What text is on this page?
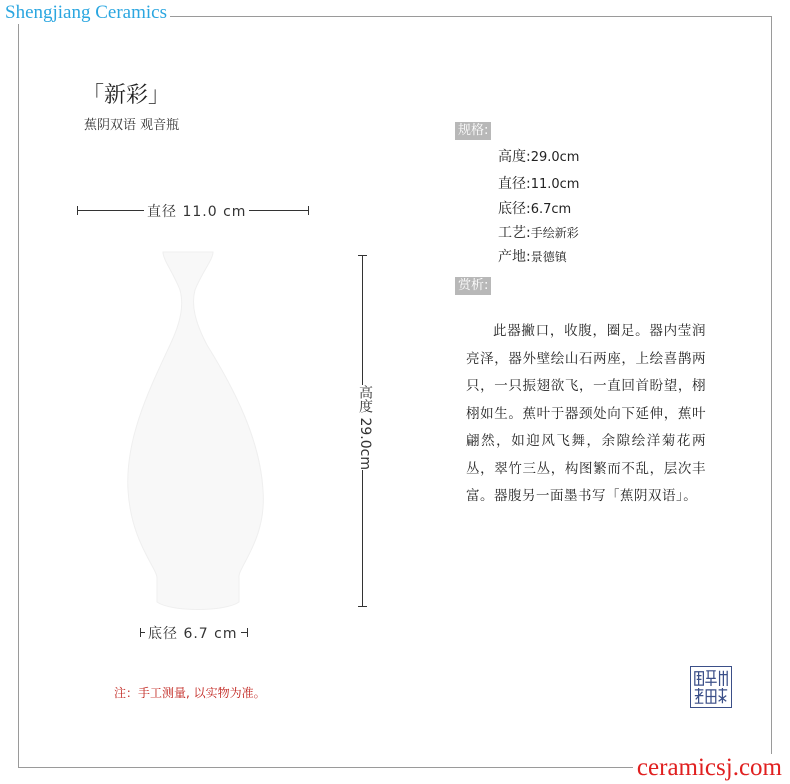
Shengjiang Ceramics
ceramicsj.com
「新彩」
蕉阴双语 观音瓶
直径 11.0 cm
高度 29.0cm
底径 6.7 cm
规格:
高度:29.0cm
直径:11.0cm
底径:6.7cm
工艺:手绘新彩
产地:景德镇
赏析:
此器撇口，收腹，圈足。器内莹润亮泽，器外壁绘山石两座，上绘喜鹊两只，一只振翅欲飞，一直回首盼望，栩栩如生。蕉叶于器颈处向下延伸，蕉叶翩然，如迎风飞舞，余隙绘洋菊花两丛，翠竹三丛，构图繁而不乱，层次丰富。器腹另一面墨书写「蕉阴双语」。
注：手工测量, 以实物为准。
